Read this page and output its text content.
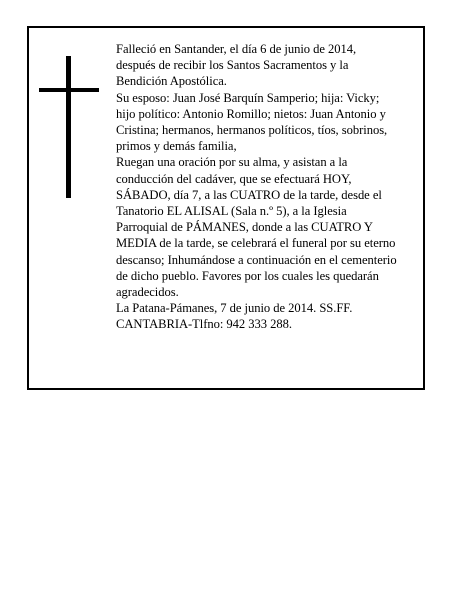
Falleció en Santander, el día 6 de junio de 2014,
después de recibir los Santos Sacramentos y la
Bendición Apostólica.
Su esposo: Juan José Barquín Samperio; hija: Vicky;
hijo político: Antonio Romillo; nietos: Juan Antonio y
Cristina; hermanos, hermanos políticos, tíos, sobrinos,
primos y demás familia,
Ruegan una oración por su alma, y asistan a la
conducción del cadáver, que se efectuará HOY,
SÁBADO, día 7, a las CUATRO de la tarde, desde el
Tanatorio EL ALISAL (Sala n.º 5), a la Iglesia
Parroquial de PÁMANES, donde a las CUATRO Y
MEDIA de la tarde, se celebrará el funeral por su eterno
descanso; Inhumándose a continuación en el cementerio
de dicho pueblo. Favores por los cuales les quedarán
agradecidos.
La Patana-Pámanes, 7 de junio de 2014. SS.FF.
CANTABRIA-Tlfno: 942 333 288.
